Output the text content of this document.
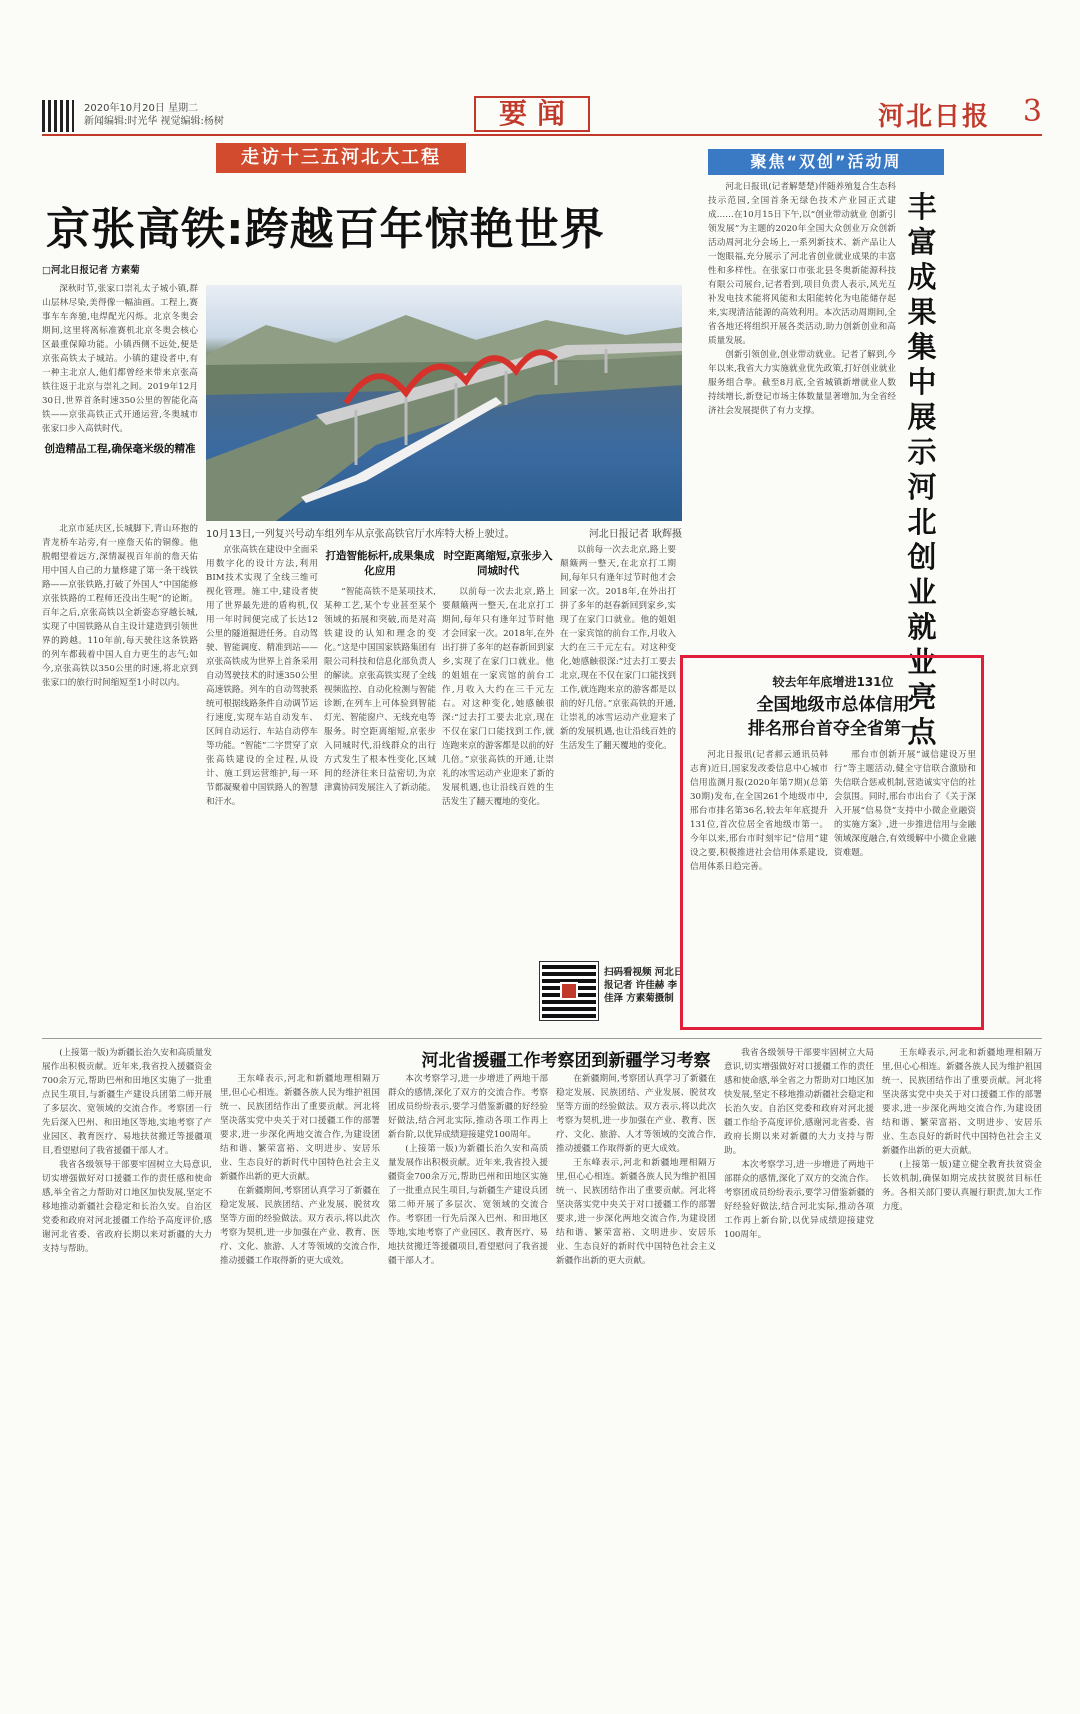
2020年10月20日 星期二
新闻编辑:时光华 视觉编辑:杨树	要闻	河北日报 3
走访十三五河北大工程	聚焦“双创”活动周
京张高铁:跨越百年惊艳世界	丰富成果集中展示河北创业就业亮点
10月13日,一列复兴号动车组列车从京张高铁官厅水库特大桥上驶过。	河北日报记者 耿辉摄
□河北日报记者 方素菊

深秋时节,张家口崇礼太子城小镇,群山层林尽染,美得像一幅油画。工程上,赛事车车奔驰,电焊配光闪烁。北京冬奥会期间,这里将离标准赛机北京冬奥会核心区最重保障功能。小镇西侧不远处,便是京张高铁太子城站。小镇的建设者中,有一种主北京人,他们都曾经来带来京张高铁往返于北京与崇礼之间。2019年12月30日,世界首条时速350公里的智能化高铁——京张高铁正式开通运营,冬奥城市张家口步入高铁时代。

创造精品工程,确保毫米级的精准

北京市延庆区,长城脚下,青山环抱的青龙桥车站旁,有一座詹天佑的铜像。他脱帽望着远方,深情凝视百年前的詹天佑用中国人自己的力量修建了第一条干线铁路——京张铁路,打破了外国人“中国能修京张铁路的工程师还没出生呢”的论断。百年之后,京张高铁以全新姿态穿越长城,实现了中国铁路从自主设计建造到引领世界的跨越。110年前,每天驶往这条铁路的列车都载着中国人自力更生的志气;如今,京张高铁以350公里的时速,将北京到张家口的旅行时间缩短至1小时以内。

京张高铁在建设中全面采用数字化的设计方法,利用BIM技术实现了全线三维可视化管理。施工中,建设者使用了世界最先进的盾构机,仅用一年时间便完成了长达12公里的隧道掘进任务。自动驾驶、智能调度、精准到站——京张高铁成为世界上首条采用自动驾驶技术的时速350公里高速铁路。列车的自动驾驶系统可根据线路条件自动调节运行速度,实现车站自动发车、区间自动运行、车站自动停车等功能。“智能”二字贯穿了京张高铁建设的全过程,从设计、施工到运营维护,每一环节都凝聚着中国铁路人的智慧和汗水。

打造智能标杆,成果集成化应用

“智能高铁不是某项技术,某种工艺,某个专业甚至某个领域的拓展和突破,而是对高铁建设的认知和理念的变化。”这是中国国家铁路集团有限公司科技和信息化部负责人的解读。京张高铁实现了全线视频监控、自动化检测与智能诊断,在列车上可体验到智能灯光、智能窗户、无线充电等服务。时空距离缩短,京张步入同城时代,沿线群众的出行方式发生了根本性变化,区域间的经济往来日益密切,为京津冀协同发展注入了新动能。

时空距离缩短,京张步入同城时代

以前每一次去北京,路上要颠簸两一整天,在北京打工期间,每年只有逢年过节时他才会回家一次。2018年,在外出打拼了多年的赵春新回到家乡,实现了在家门口就业。他的姐姐在一家宾馆的前台工作,月收入大约在三千元左右。对这种变化,她感触很深:“过去打工要去北京,现在不仅在家门口能找到工作,就连跑来京的游客都是以前的好几倍。”京张高铁的开通,让崇礼的冰雪运动产业迎来了新的发展机遇,也让沿线百姓的生活发生了翻天覆地的变化。

以前每一次去北京,路上要颠簸两一整天,在北京打工期间,每年只有逢年过节时他才会回家一次。2018年,在外出打拼了多年的赵春新回到家乡,实现了在家门口就业。他的姐姐在一家宾馆的前台工作,月收入大约在三千元左右。对这种变化,她感触很深:“过去打工要去北京,现在不仅在家门口能找到工作,就连跑来京的游客都是以前的好几倍。”京张高铁的开通,让崇礼的冰雪运动产业迎来了新的发展机遇,也让沿线百姓的生活发生了翻天覆地的变化。

扫码看视频 河北日报记者 许佳赫 李佳泽 方素菊摄制

河北日报讯(记者解楚楚)伴随养殖复合生态科技示范园,全国首条无绿色技术产业园正式建成……在10月15日下午,以“创业带动就业 创新引领发展”为主题的2020年全国大众创业万众创新活动周河北分会场上,一系列新技术、新产品让人一饱眼福,充分展示了河北省创业就业成果的丰富性和多样性。在张家口市张北县冬奥新能源科技有限公司展台,记者看到,项目负责人表示,风光互补发电技术能将风能和太阳能转化为电能储存起来,实现清洁能源的高效利用。本次活动周期间,全省各地还将组织开展各类活动,助力创新创业和高质量发展。

创新引领创业,创业带动就业。记者了解到,今年以来,我省大力实施就业优先政策,打好创业就业服务组合拳。截至8月底,全省城镇新增就业人数持续增长,新登记市场主体数量显著增加,为全省经济社会发展提供了有力支撑。

较去年年底增进131位
全国地级市总体信用
排名邢台首夺全省第一

河北日报讯(记者郝云通讯员韩志育)近日,国家发改委信息中心城市信用监测月报(2020年第7期)(总第30期)发布,在全国261个地级市中,邢台市排名第36名,较去年年底提升131位,首次位居全省地级市第一。今年以来,邢台市时刻牢记“信用”建设之要,积极推进社会信用体系建设,信用体系日趋完善。

邢台市创新开展“诚信建设万里行”等主题活动,健全守信联合激励和失信联合惩戒机制,营造诚实守信的社会氛围。同时,邢台市出台了《关于深入开展“信易贷”支持中小微企业融资的实施方案》,进一步推进信用与金融领域深度融合,有效缓解中小微企业融资难题。

河北省援疆工作考察团到新疆学习考察

(上接第一版)为新疆长治久安和高质量发展作出积极贡献。近年来,我省投入援疆资金700余万元,帮助巴州和田地区实施了一批重点民生项目,与新疆生产建设兵团第二师开展了多层次、宽领域的交流合作。考察团一行先后深入巴州、和田地区等地,实地考察了产业园区、教育医疗、易地扶贫搬迁等援疆项目,看望慰问了我省援疆干部人才。

我省各级领导干部要牢固树立大局意识,切实增强做好对口援疆工作的责任感和使命感,举全省之力帮助对口地区加快发展,坚定不移地推动新疆社会稳定和长治久安。自治区党委和政府对河北援疆工作给予高度评价,感谢河北省委、省政府长期以来对新疆的大力支持与帮助。

王东峰表示,河北和新疆地理相隔万里,但心心相连。新疆各族人民为维护祖国统一、民族团结作出了重要贡献。河北将坚决落实党中央关于对口援疆工作的部署要求,进一步深化两地交流合作,为建设团结和谐、繁荣富裕、文明进步、安居乐业、生态良好的新时代中国特色社会主义新疆作出新的更大贡献。

在新疆期间,考察团认真学习了新疆在稳定发展、民族团结、产业发展、脱贫攻坚等方面的经验做法。双方表示,将以此次考察为契机,进一步加强在产业、教育、医疗、文化、旅游、人才等领域的交流合作,推动援疆工作取得新的更大成效。

本次考察学习,进一步增进了两地干部群众的感情,深化了双方的交流合作。考察团成员纷纷表示,要学习借鉴新疆的好经验好做法,结合河北实际,推动各项工作再上新台阶,以优异成绩迎接建党100周年。

(上接第一版)为新疆长治久安和高质量发展作出积极贡献。近年来,我省投入援疆资金700余万元,帮助巴州和田地区实施了一批重点民生项目,与新疆生产建设兵团第二师开展了多层次、宽领域的交流合作。考察团一行先后深入巴州、和田地区等地,实地考察了产业园区、教育医疗、易地扶贫搬迁等援疆项目,看望慰问了我省援疆干部人才。

在新疆期间,考察团认真学习了新疆在稳定发展、民族团结、产业发展、脱贫攻坚等方面的经验做法。双方表示,将以此次考察为契机,进一步加强在产业、教育、医疗、文化、旅游、人才等领域的交流合作,推动援疆工作取得新的更大成效。

王东峰表示,河北和新疆地理相隔万里,但心心相连。新疆各族人民为维护祖国统一、民族团结作出了重要贡献。河北将坚决落实党中央关于对口援疆工作的部署要求,进一步深化两地交流合作,为建设团结和谐、繁荣富裕、文明进步、安居乐业、生态良好的新时代中国特色社会主义新疆作出新的更大贡献。

我省各级领导干部要牢固树立大局意识,切实增强做好对口援疆工作的责任感和使命感,举全省之力帮助对口地区加快发展,坚定不移地推动新疆社会稳定和长治久安。自治区党委和政府对河北援疆工作给予高度评价,感谢河北省委、省政府长期以来对新疆的大力支持与帮助。

本次考察学习,进一步增进了两地干部群众的感情,深化了双方的交流合作。考察团成员纷纷表示,要学习借鉴新疆的好经验好做法,结合河北实际,推动各项工作再上新台阶,以优异成绩迎接建党100周年。

王东峰表示,河北和新疆地理相隔万里,但心心相连。新疆各族人民为维护祖国统一、民族团结作出了重要贡献。河北将坚决落实党中央关于对口援疆工作的部署要求,进一步深化两地交流合作,为建设团结和谐、繁荣富裕、文明进步、安居乐业、生态良好的新时代中国特色社会主义新疆作出新的更大贡献。

(上接第一版)建立健全教育扶贫资金长效机制,确保如期完成扶贫脱贫目标任务。各相关部门要认真履行职责,加大工作力度。
